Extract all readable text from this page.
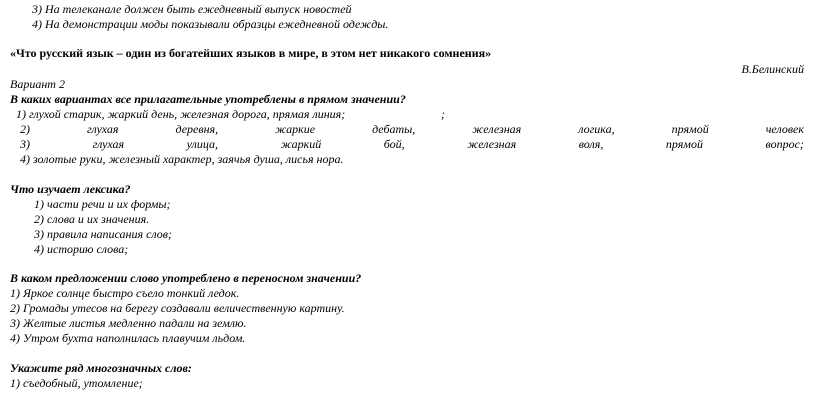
3) На телеканале должен быть ежедневный выпуск новостей
4) На демонстрации моды показывали образцы ежедневной одежды.
«Что русский язык – один из богатейших языков в мире, в этом нет никакого сомнения»
В.Белинский
Вариант 2
В каких вариантах все прилагательные употреблены в прямом значении?
1) глухой старик, жаркий день, железная дорога, прямая линия;	;
2)	глухая	деревня,	жаркие	дебаты,	железная	логика,	прямой	человек
3)	глухая	улица,	жаркий	бой,	железная	воля,	прямой	вопрос;
4) золотые руки, железный характер, заячья душа, лисья нора.
Что изучает лексика?
1) части речи и их формы;
2) слова и их значения.
3) правила написания слов;
4) историю слова;
В каком предложении слово употреблено в переносном значении?
1) Яркое солнце быстро съело тонкий ледок.
2) Громады утесов на берегу создавали величественную картину.
3) Желтые листья медленно падали на землю.
4) Утром бухта наполнилась плавучим льдом.
Укажите ряд многозначных слов:
1) съедобный, утомление;
